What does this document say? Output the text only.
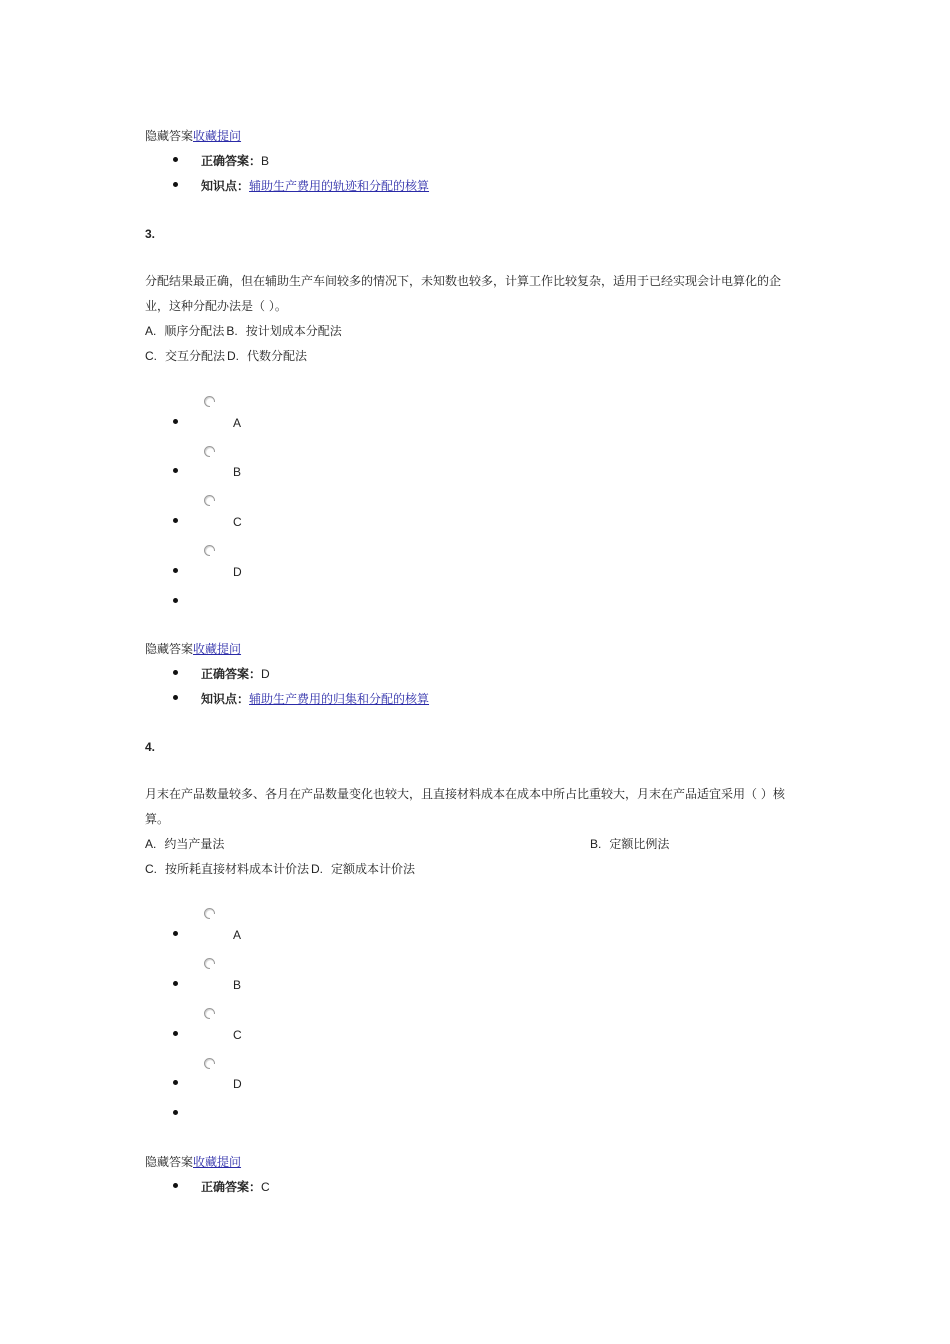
隐藏答案收藏提问
正确答案：B
知识点：辅助生产费用的轨迹和分配的核算
3.
分配结果最正确，但在辅助生产车间较多的情况下，未知数也较多，计算工作比较复杂，适用于已经实现会计电算化的企
业，这种分配办法是（ ）。
A. 顺序分配法 B. 按计划成本分配法
C. 交互分配法 D. 代数分配法
A
B
C
D
隐藏答案收藏提问
正确答案：D
知识点：辅助生产费用的归集和分配的核算
4.
月末在产品数量较多、各月在产品数量变化也较大，且直接材料成本在成本中所占比重较大，月末在产品适宜采用（ ）核
算。
A. 约当产量法	B. 定额比例法
C. 按所耗直接材料成本计价法 D. 定额成本计价法
A
B
C
D
隐藏答案收藏提问
正确答案：C
